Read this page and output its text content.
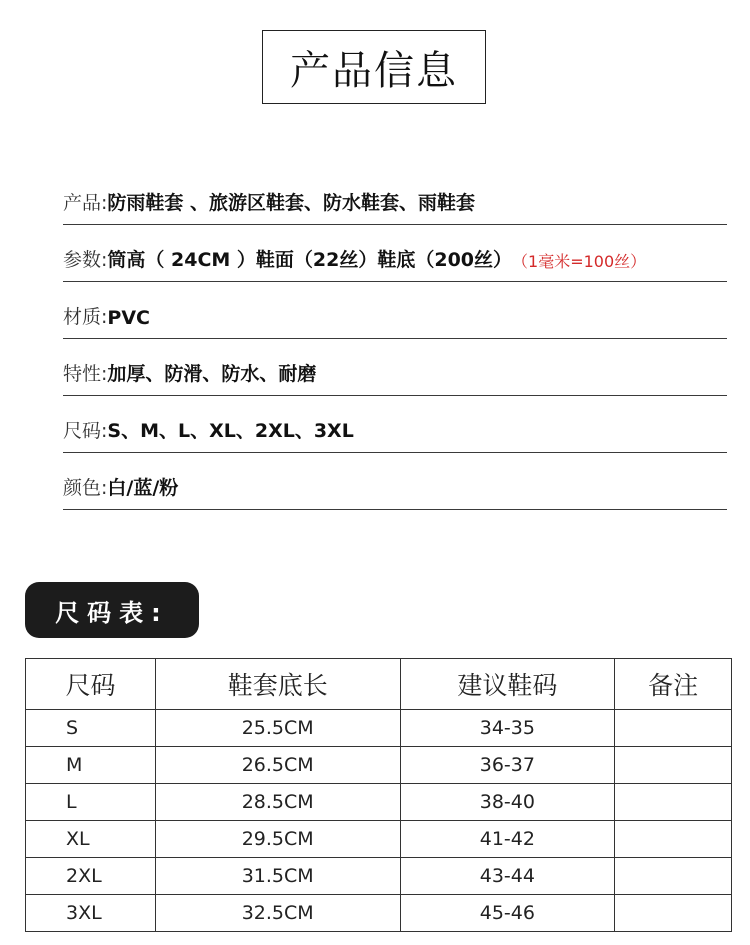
产品信息
产品: 防雨鞋套 、旅游区鞋套、防水鞋套、雨鞋套
参数: 筒高（ 24CM ）鞋面（22丝）鞋底（200丝） （1毫米=100丝）
材质: PVC
特性: 加厚、防滑、防水、耐磨
尺码: S、M、L、XL、2XL、3XL
颜色: 白/蓝/粉
尺码表:
尺码	鞋套底长	建议鞋码	备注
S	25.5CM	34-35	
M	26.5CM	36-37	
L	28.5CM	38-40	
XL	29.5CM	41-42	
2XL	31.5CM	43-44	
3XL	32.5CM	45-46	
